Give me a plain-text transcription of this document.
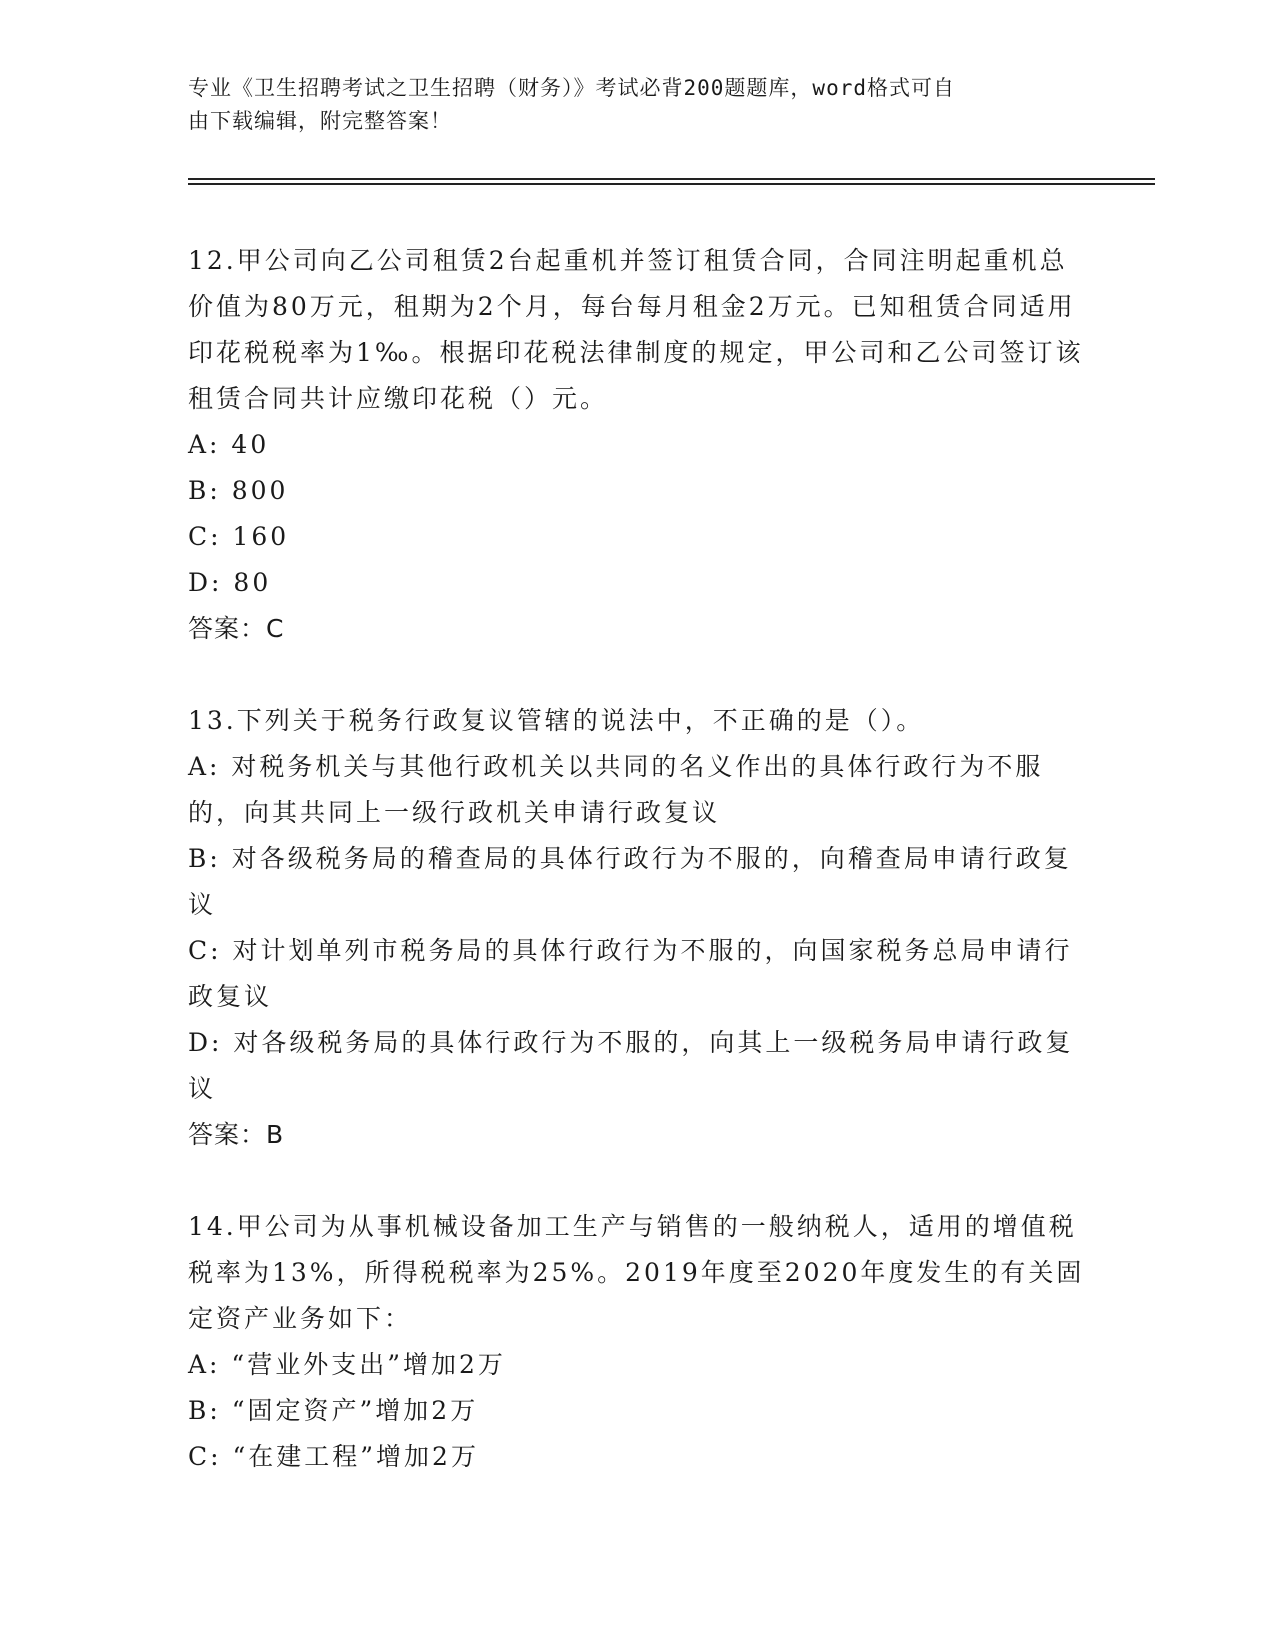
专业《卫生招聘考试之卫生招聘（财务）》考试必背200题题库，word格式可自
由下载编辑，附完整答案！

12.甲公司向乙公司租赁2台起重机并签订租赁合同，合同注明起重机总价值为80万元，租期为2个月，每台每月租金2万元。已知租赁合同适用印花税税率为1‰。根据印花税法律制度的规定，甲公司和乙公司签订该租赁合同共计应缴印花税（）元。

A: 40

B: 800

C: 160

D: 80

答案：C

13.下列关于税务行政复议管辖的说法中，不正确的是（）。

A: 对税务机关与其他行政机关以共同的名义作出的具体行政行为不服的，向其共同上一级行政机关申请行政复议

B: 对各级税务局的稽查局的具体行政行为不服的，向稽查局申请行政复议

C: 对计划单列市税务局的具体行政行为不服的，向国家税务总局申请行政复议

D: 对各级税务局的具体行政行为不服的，向其上一级税务局申请行政复议

答案：B

14.甲公司为从事机械设备加工生产与销售的一般纳税人，适用的增值税税率为13%，所得税税率为25%。2019年度至2020年度发生的有关固定资产业务如下：

A: “营业外支出”增加2万

B: “固定资产”增加2万

C: “在建工程”增加2万
